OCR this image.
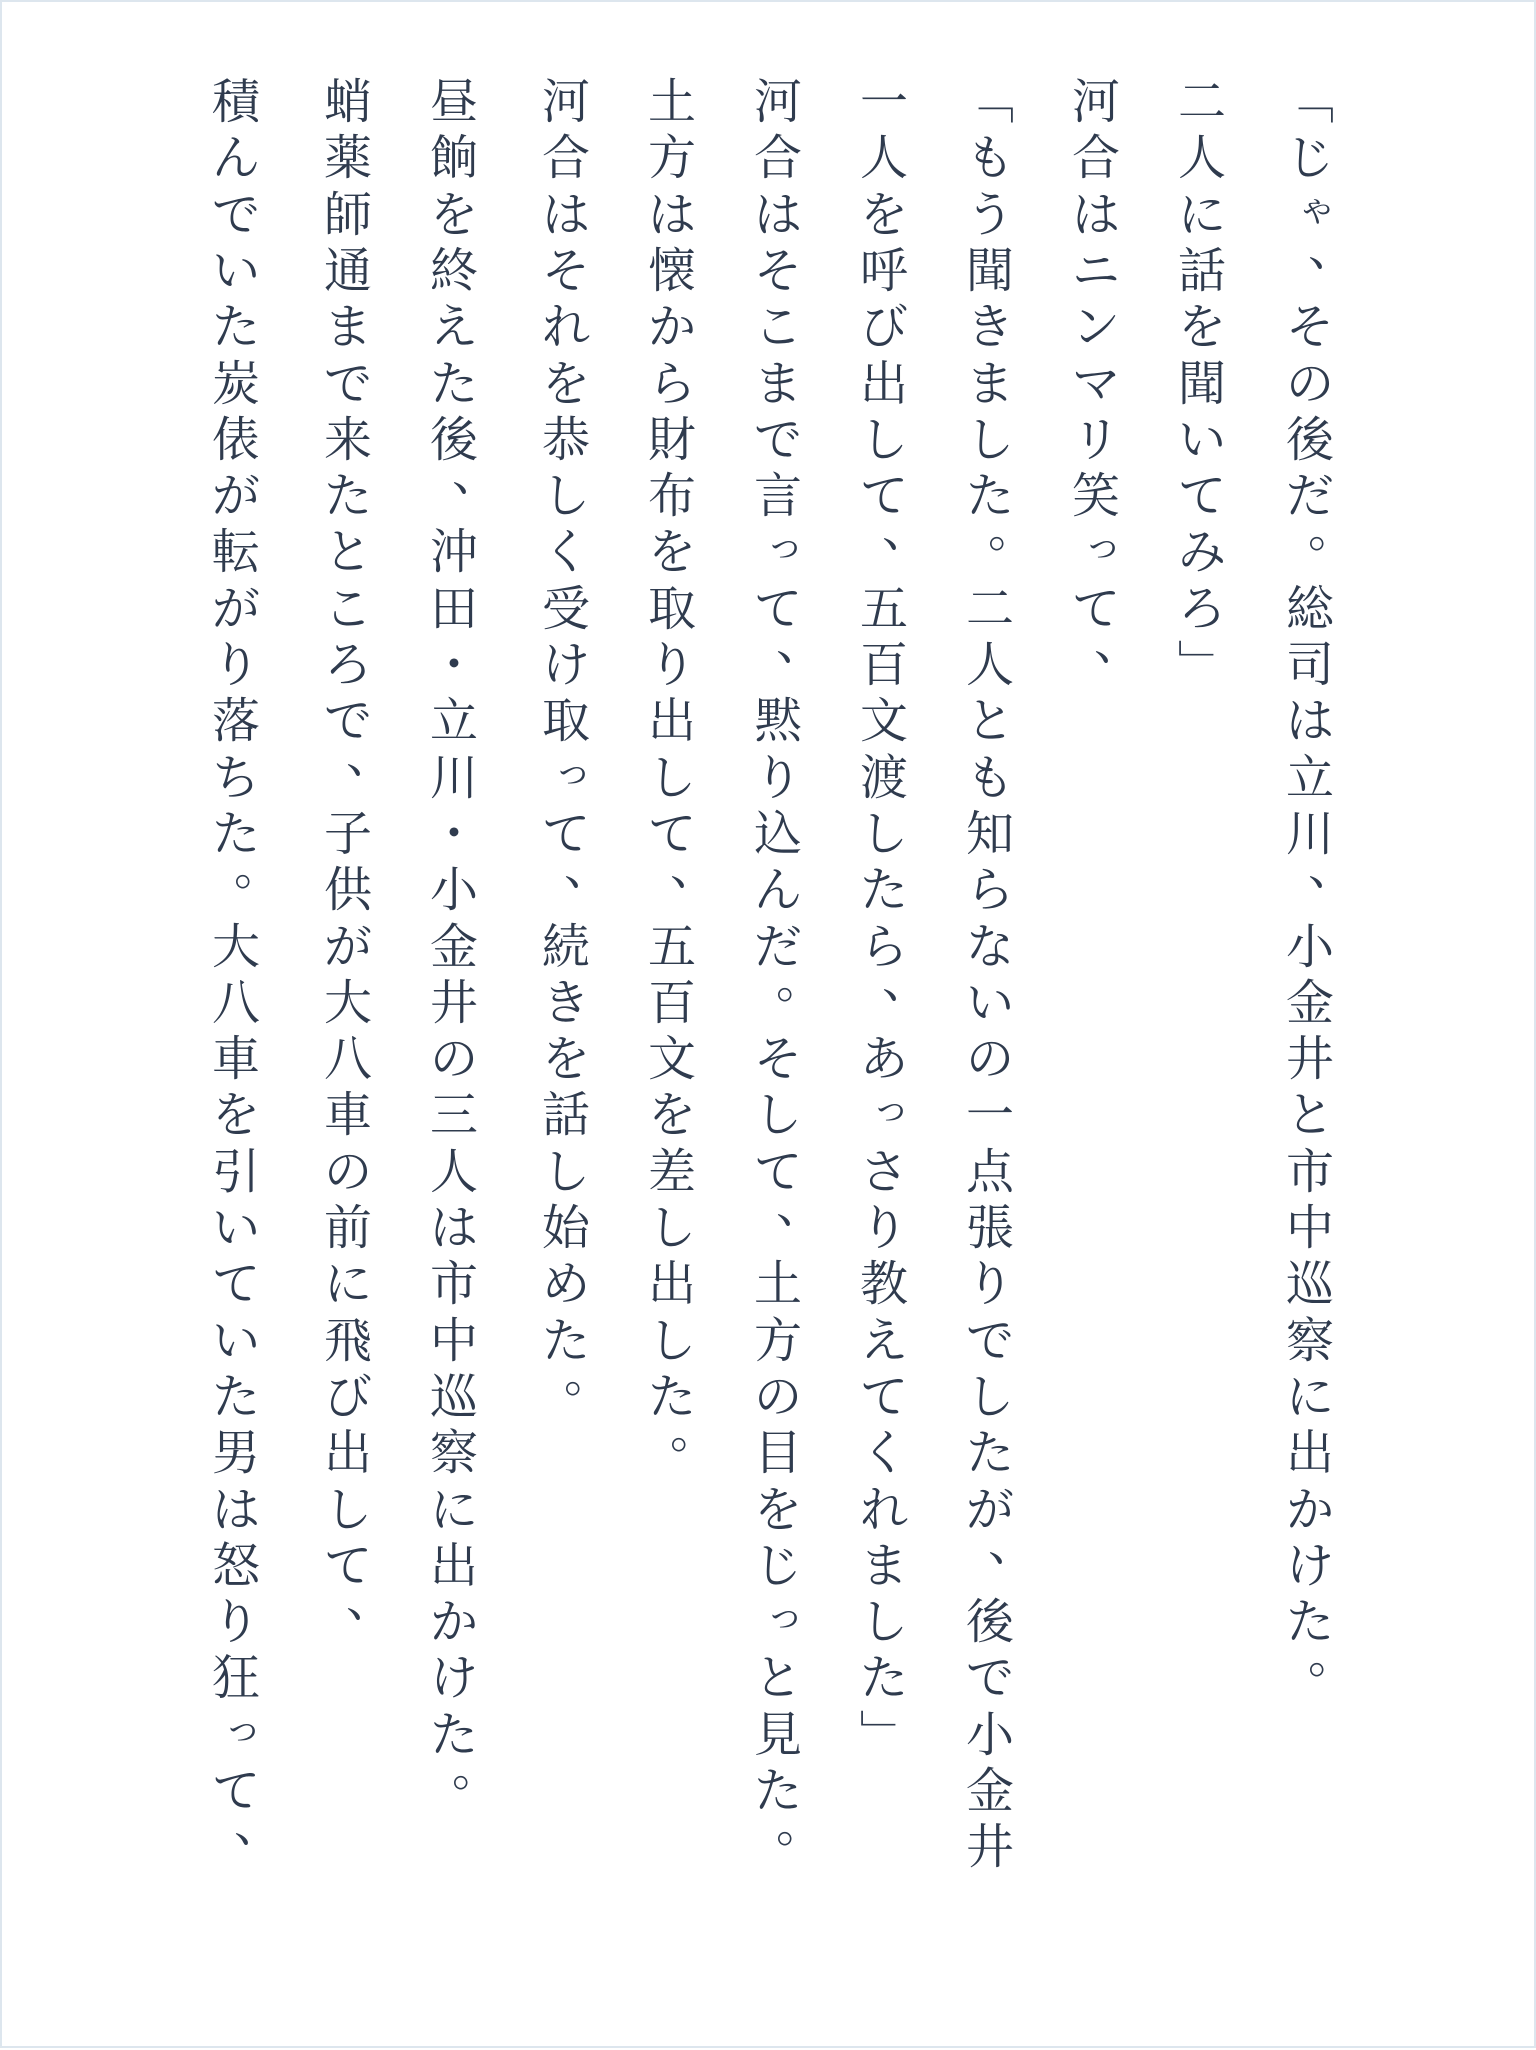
﹁
じ
ゃ
、
そ
の
後
だ
。
総
司
は
立
川
、
小
金
井
と
市
中
巡
察
に
出
か
け
た
。
二
人
に
話
を
聞
い
て
み
ろ
﹂
河
合
は
ニ
ン
マ
リ
笑
っ
て
、
﹁
も
う
聞
き
ま
し
た
。
二
人
と
も
知
ら
な
い
の
一
点
張
り
で
し
た
が
、
後
で
小
金
井
一
人
を
呼
び
出
し
て
、
五
百
文
渡
し
た
ら
、
あ
っ
さ
り
教
え
て
く
れ
ま
し
た
﹂
河
合
は
そ
こ
ま
で
言
っ
て
、
黙
り
込
ん
だ
。
そ
し
て
、
土
方
の
目
を
じ
っ
と
見
た
。
土
方
は
懐
か
ら
財
布
を
取
り
出
し
て
、
五
百
文
を
差
し
出
し
た
。
河
合
は
そ
れ
を
恭
し
く
受
け
取
っ
て
、
続
き
を
話
し
始
め
た
。
昼
餉
を
終
え
た
後
、
沖
田
・
立
川
・
小
金
井
の
三
人
は
市
中
巡
察
に
出
か
け
た
。
蛸
薬
師
通
ま
で
来
た
と
こ
ろ
で
、
子
供
が
大
八
車
の
前
に
飛
び
出
し
て
、
積
ん
で
い
た
炭
俵
が
転
が
り
落
ち
た
。
大
八
車
を
引
い
て
い
た
男
は
怒
り
狂
っ
て
、
